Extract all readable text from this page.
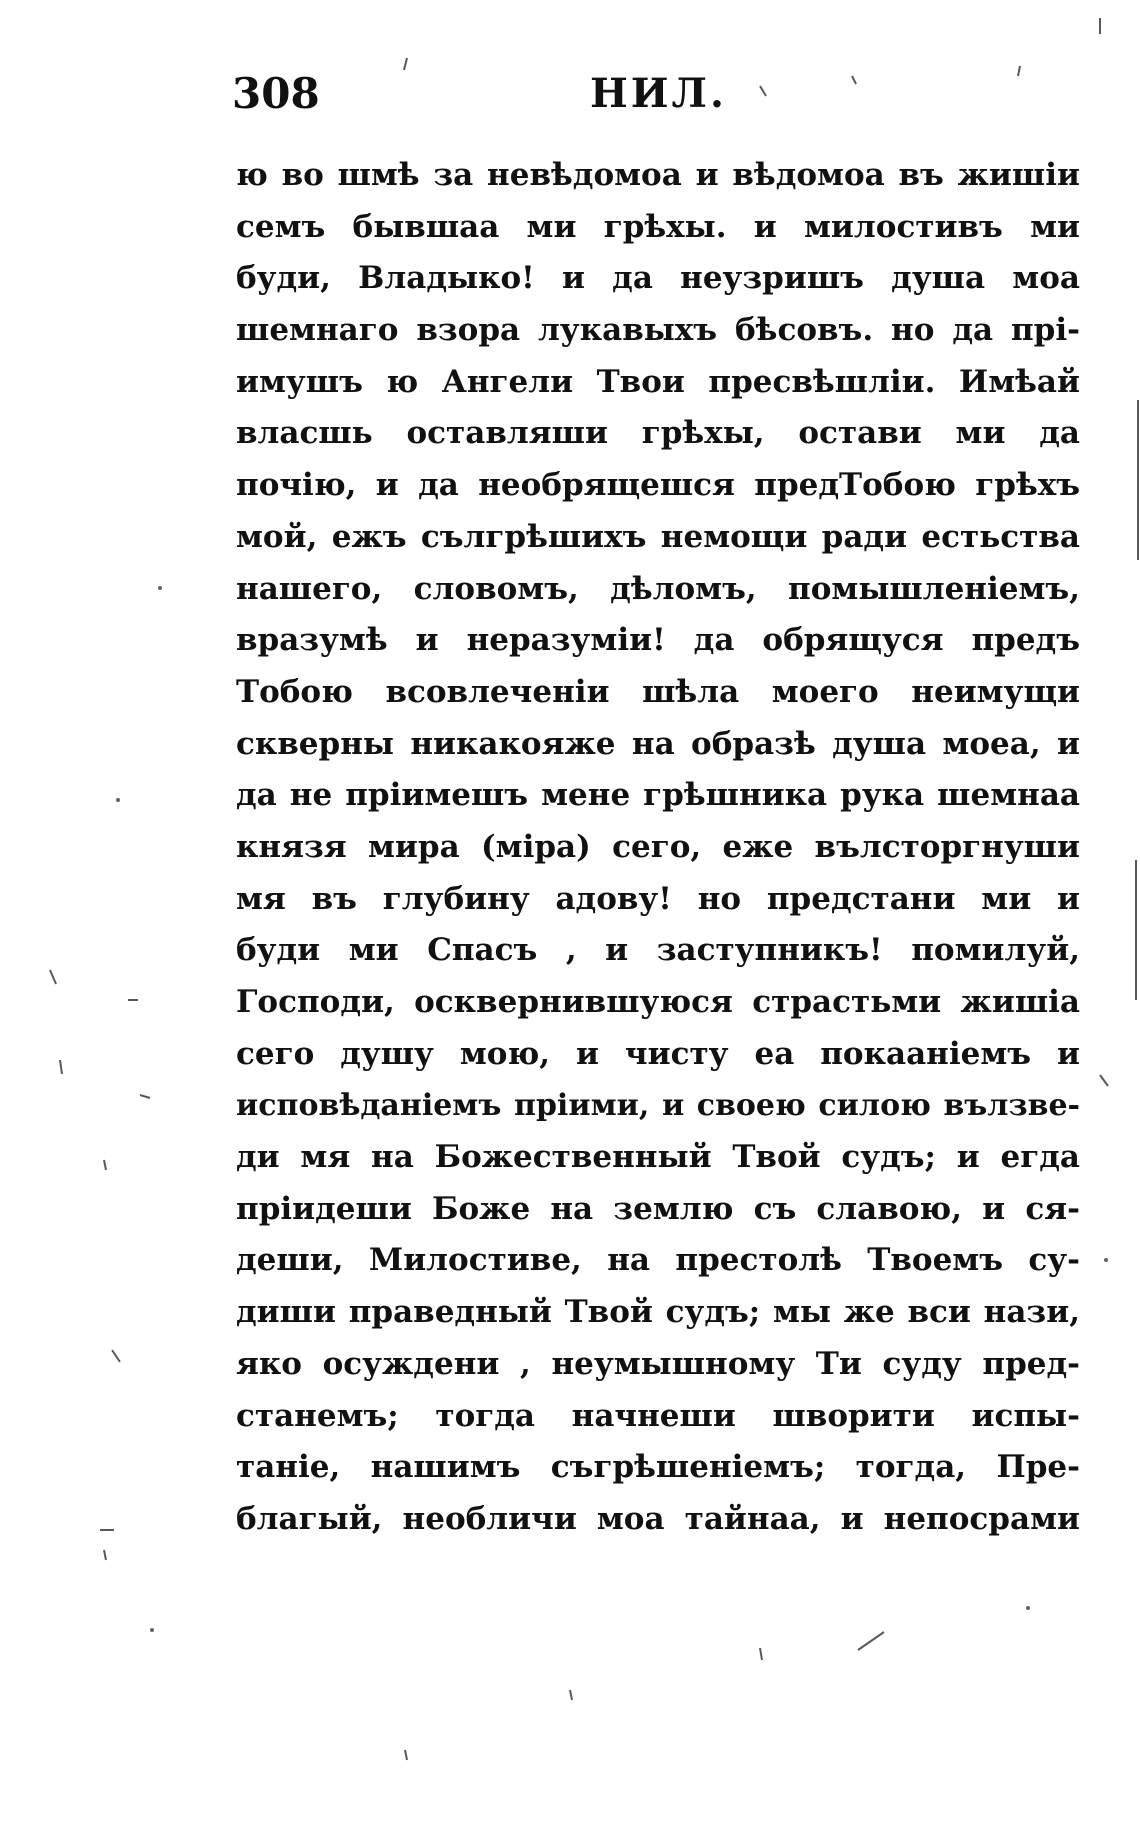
308	НИЛ.
ю во шмѣ за невѣдомоа и вѣдомоа въ жишіи
семъ бывшаа ми грѣхы. и милостивъ ми
буди, Владыко! и да неузришъ душа моа
шемнаго взора лукавыхъ бѣсовъ. но да прі-
имушъ ю Ангели Твои пресвѣшліи. Имѣай
власшь оставляши грѣхы, остави ми да
почію, и да необрящешся предТобою грѣхъ
мой, ежъ сългрѣшихъ немощи ради естьства
нашего, словомъ, дѣломъ, помышленіемъ,
вразумѣ и неразуміи! да обрящуся предъ
Тобою всовлеченіи шѣла моего неимущи
скверны никакояже на образѣ душа моеа, и
да не пріимешъ мене грѣшника рука шемнаа
князя мира (міра) сего, еже вълсторгнуши
мя въ глубину адову! но предстани ми и
буди ми Спасъ , и заступникъ! помилуй,
Господи, осквернившуюся страстьми жишіа
сего душу мою, и чисту еа покааніемъ и
исповѣданіемъ пріими, и своею силою вълзве-
ди мя на Божественный Твой судъ; и егда
пріидеши Боже на землю съ славою, и ся-
деши, Милостиве, на престолѣ Твоемъ су-
диши праведный Твой судъ; мы же вси нази,
яко осуждени , неумышному Ти суду пред-
станемъ; тогда начнеши шворити испы-
таніе, нашимъ съгрѣшеніемъ; тогда, Пре-
благый, необличи моа тайнаа, и непосрами
